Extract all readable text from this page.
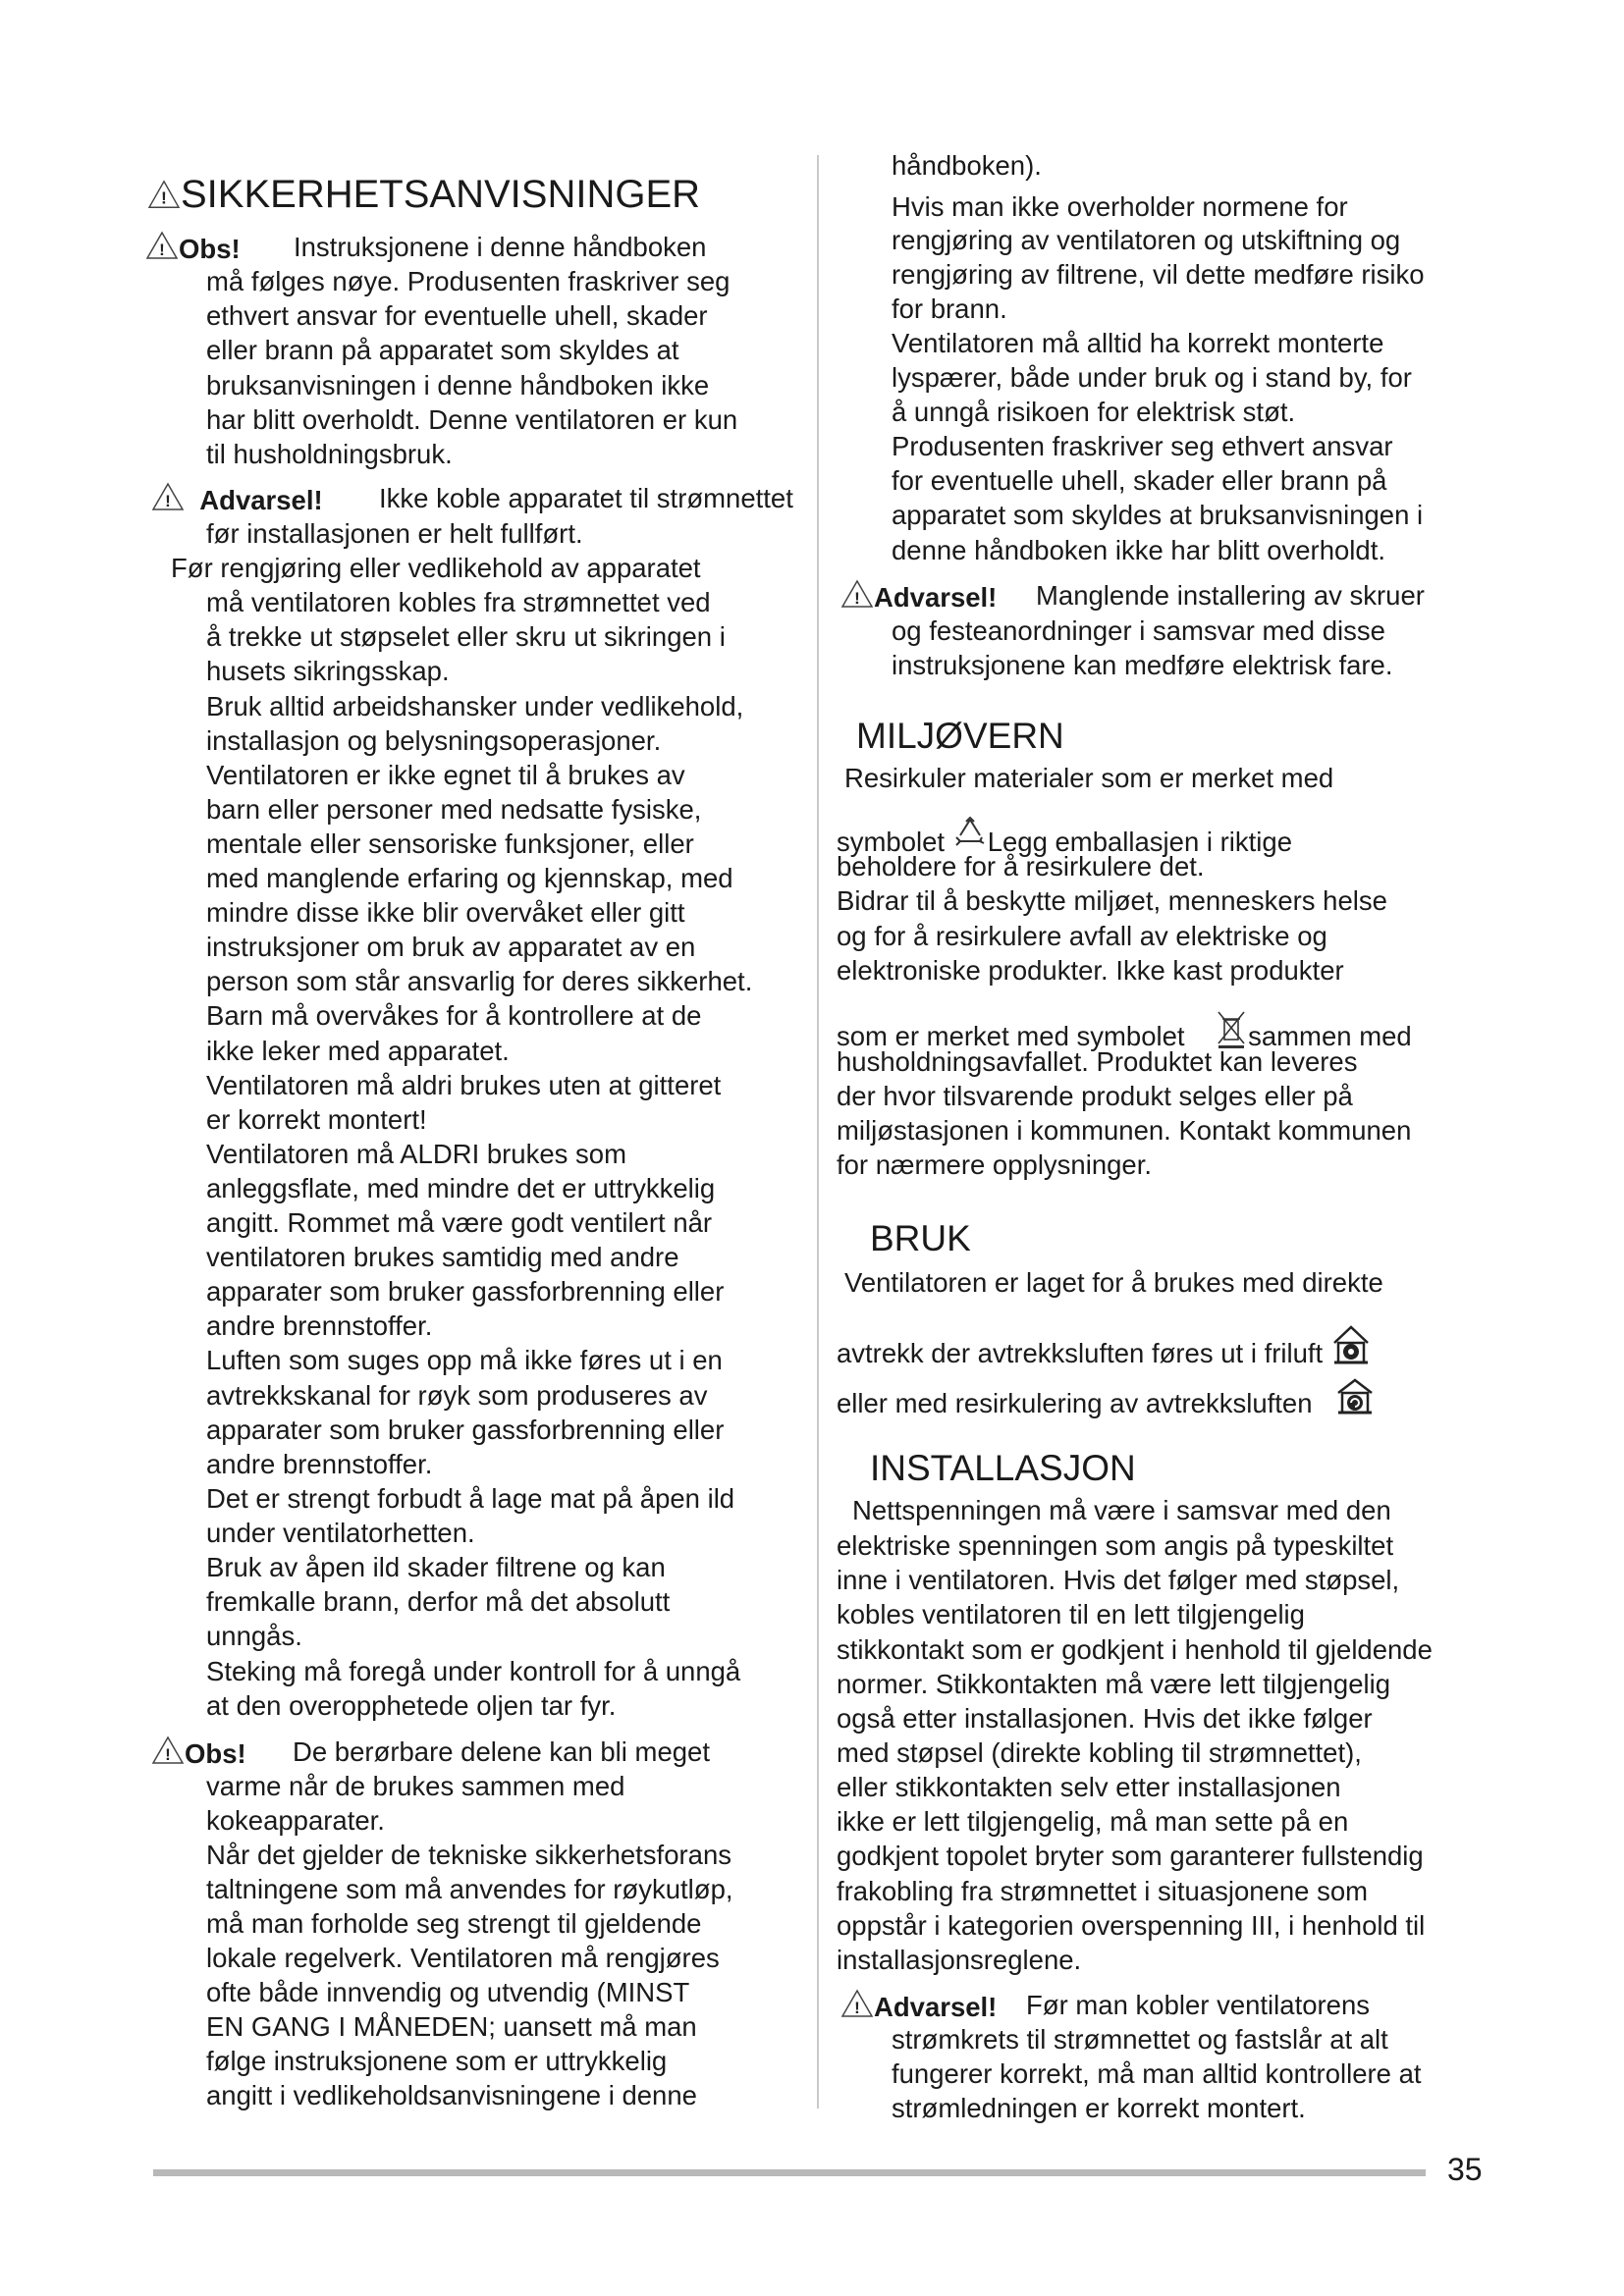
! SIKKERHETSANVISNINGER
! Obs! Instruksjonene i denne håndboken
må følges nøye. Produsenten fraskriver seg
ethvert ansvar for eventuelle uhell, skader
eller brann på apparatet som skyldes at
bruksanvisningen i denne håndboken ikke
har blitt overholdt. Denne ventilatoren er kun
til husholdningsbruk.
! Advarsel! Ikke koble apparatet til strømnettet
før installasjonen er helt fullført.
Før rengjøring eller vedlikehold av apparatet
må ventilatoren kobles fra strømnettet ved
å trekke ut støpselet eller skru ut sikringen i
husets sikringsskap.
Bruk alltid arbeidshansker under vedlikehold,
installasjon og belysningsoperasjoner.
Ventilatoren er ikke egnet til å brukes av
barn eller personer med nedsatte fysiske,
mentale eller sensoriske funksjoner, eller
med manglende erfaring og kjennskap, med
mindre disse ikke blir overvåket eller gitt
instruksjoner om bruk av apparatet av en
person som står ansvarlig for deres sikkerhet.
Barn må overvåkes for å kontrollere at de
ikke leker med apparatet.
Ventilatoren må aldri brukes uten at gitteret
er korrekt montert!
Ventilatoren må ALDRI brukes som
anleggsflate, med mindre det er uttrykkelig
angitt. Rommet må være godt ventilert når
ventilatoren brukes samtidig med andre
apparater som bruker gassforbrenning eller
andre brennstoffer.
Luften som suges opp må ikke føres ut i en
avtrekkskanal for røyk som produseres av
apparater som bruker gassforbrenning eller
andre brennstoffer.
Det er strengt forbudt å lage mat på åpen ild
under ventilatorhetten.
Bruk av åpen ild skader filtrene og kan
fremkalle brann, derfor må det absolutt
unngås.
Steking må foregå under kontroll for å unngå
at den overopphetede oljen tar fyr.
! Obs! De berørbare delene kan bli meget
varme når de brukes sammen med
kokeapparater.
Når det gjelder de tekniske sikkerhetsforans
taltningene som må anvendes for røykutløp,
må man forholde seg strengt til gjeldende
lokale regelverk. Ventilatoren må rengjøres
ofte både innvendig og utvendig (MINST
EN GANG I MÅNEDEN; uansett må man
følge instruksjonene som er uttrykkelig
angitt i vedlikeholdsanvisningene i denne
håndboken).
Hvis man ikke overholder normene for
rengjøring av ventilatoren og utskiftning og
rengjøring av filtrene, vil dette medføre risiko
for brann.
Ventilatoren må alltid ha korrekt monterte
lyspærer, både under bruk og i stand by, for
å unngå risikoen for elektrisk støt.
Produsenten fraskriver seg ethvert ansvar
for eventuelle uhell, skader eller brann på
apparatet som skyldes at bruksanvisningen i
denne håndboken ikke har blitt overholdt.
! Advarsel! Manglende installering av skruer
og festeanordninger i samsvar med disse
instruksjonene kan medføre elektrisk fare.
MILJØVERN
Resirkuler materialer som er merket med
symbolet Legg emballasjen i riktige
beholdere for å resirkulere det.
Bidrar til å beskytte miljøet, menneskers helse
og for å resirkulere avfall av elektriske og
elektroniske produkter. Ikke kast produkter
som er merket med symbolet sammen med
husholdningsavfallet. Produktet kan leveres
der hvor tilsvarende produkt selges eller på
miljøstasjonen i kommunen. Kontakt kommunen
for nærmere opplysninger.
BRUK
Ventilatoren er laget for å brukes med direkte
avtrekk der avtrekksluften føres ut i friluft
eller med resirkulering av avtrekksluften
INSTALLASJON
Nettspenningen må være i samsvar med den
elektriske spenningen som angis på typeskiltet
inne i ventilatoren. Hvis det følger med støpsel,
kobles ventilatoren til en lett tilgjengelig
stikkontakt som er godkjent i henhold til gjeldende
normer. Stikkontakten må være lett tilgjengelig
også etter installasjonen. Hvis det ikke følger
med støpsel (direkte kobling til strømnettet),
eller stikkontakten selv etter installasjonen
ikke er lett tilgjengelig, må man sette på en
godkjent topolet bryter som garanterer fullstendig
frakobling fra strømnettet i situasjonene som
oppstår i kategorien overspenning III, i henhold til
installasjonsreglene.
! Advarsel! Før man kobler ventilatorens
strømkrets til strømnettet og fastslår at alt
fungerer korrekt, må man alltid kontrollere at
strømledningen er korrekt montert.
35
